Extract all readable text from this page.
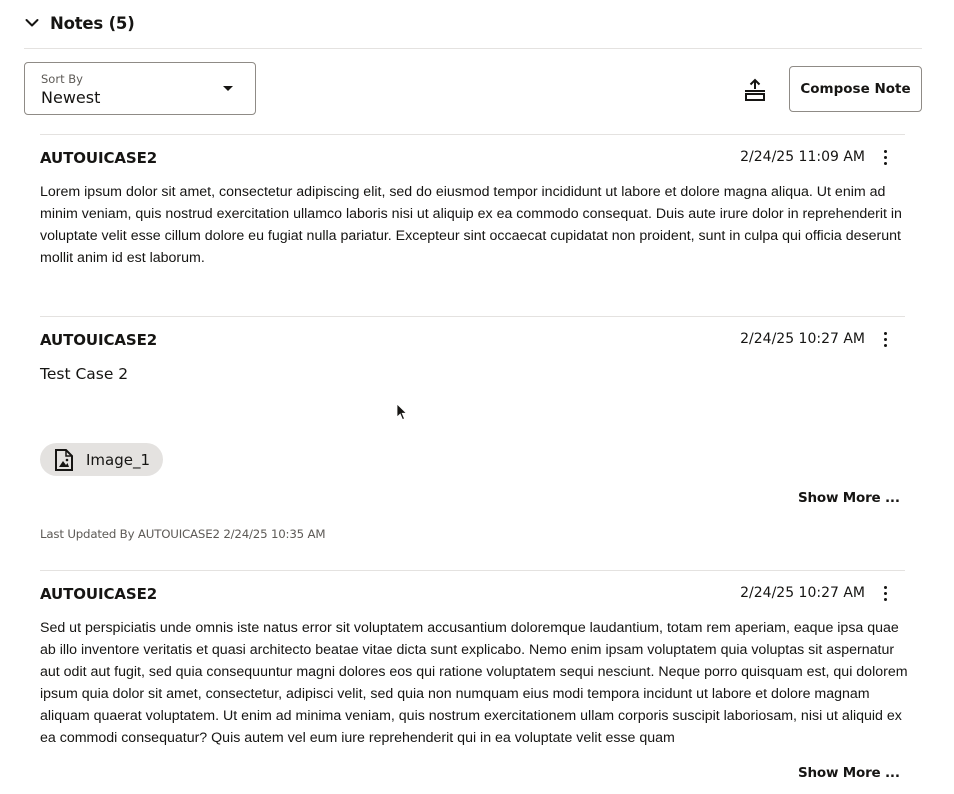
Notes (5)
Sort By
Newest	Compose Note
AUTOUICASE2	2/24/25 11:09 AM
Lorem ipsum dolor sit amet, consectetur adipiscing elit, sed do eiusmod tempor incididunt ut labore et dolore magna aliqua. Ut enim ad minim veniam, quis nostrud exercitation ullamco laboris nisi ut aliquip ex ea commodo consequat. Duis aute irure dolor in reprehenderit in voluptate velit esse cillum dolore eu fugiat nulla pariatur. Excepteur sint occaecat cupidatat non proident, sunt in culpa qui officia deserunt mollit anim id est laborum.
AUTOUICASE2	2/24/25 10:27 AM
Test Case 2
Image_1
Show More ...
Last Updated By AUTOUICASE2 2/24/25 10:35 AM
AUTOUICASE2	2/24/25 10:27 AM
Sed ut perspiciatis unde omnis iste natus error sit voluptatem accusantium doloremque laudantium, totam rem aperiam, eaque ipsa quae ab illo inventore veritatis et quasi architecto beatae vitae dicta sunt explicabo. Nemo enim ipsam voluptatem quia voluptas sit aspernatur aut odit aut fugit, sed quia consequuntur magni dolores eos qui ratione voluptatem sequi nesciunt. Neque porro quisquam est, qui dolorem ipsum quia dolor sit amet, consectetur, adipisci velit, sed quia non numquam eius modi tempora incidunt ut labore et dolore magnam aliquam quaerat voluptatem. Ut enim ad minima veniam, quis nostrum exercitationem ullam corporis suscipit laboriosam, nisi ut aliquid ex ea commodi consequatur? Quis autem vel eum iure reprehenderit qui in ea voluptate velit esse quam
Show More ...
